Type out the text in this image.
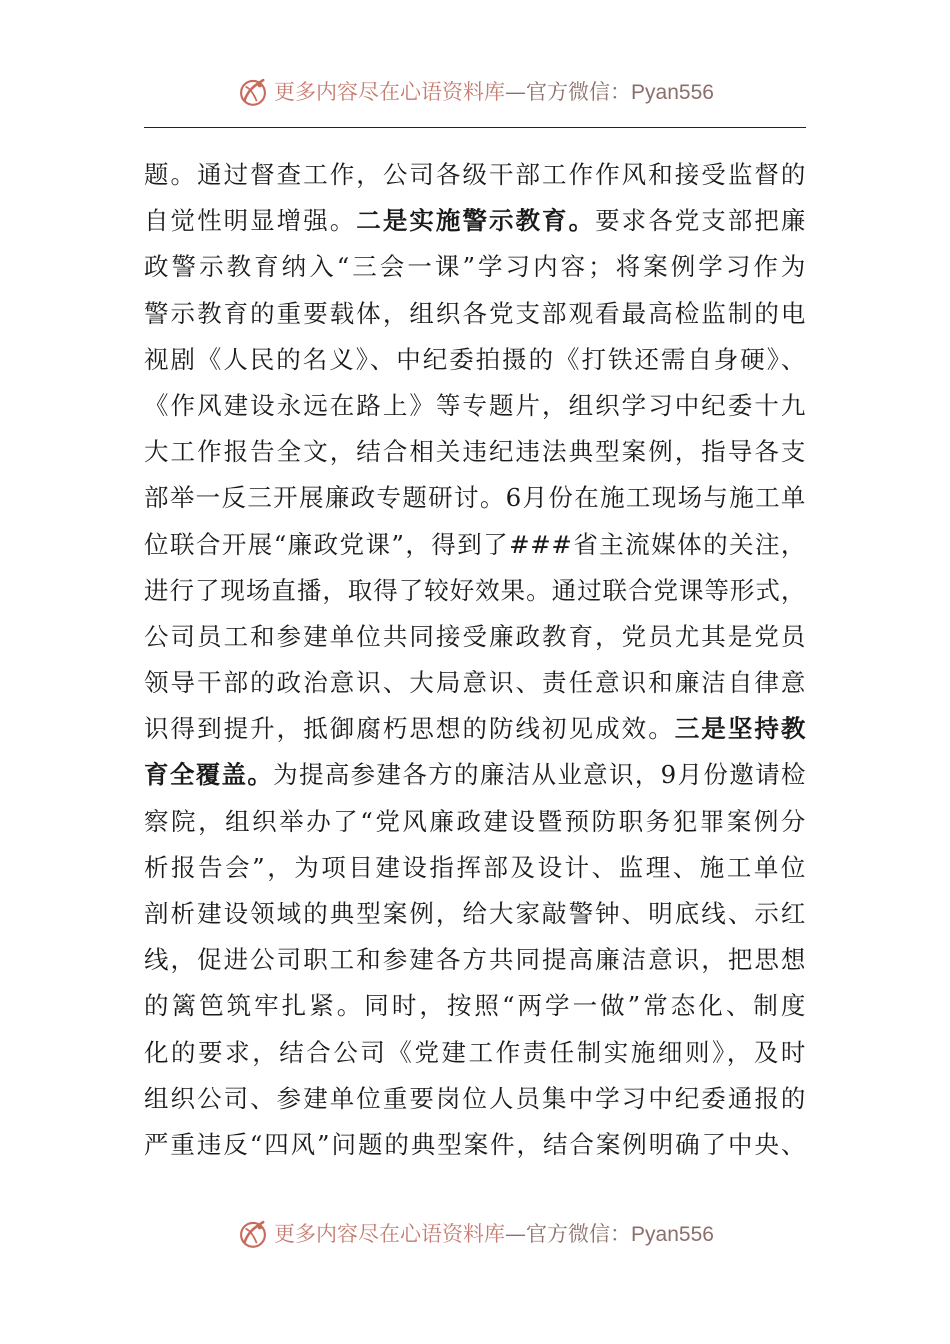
更多内容尽在心语资料库—官方微信：Pyan556
题。通过督查工作，公司各级干部工作作风和接受监督的
自觉性明显增强。二是实施警示教育。要求各党支部把廉
政警示教育纳入“三会一课”学习内容；将案例学习作为
警示教育的重要载体，组织各党支部观看最高检监制的电
视剧《人民的名义》、中纪委拍摄的《打铁还需自身硬》、
《作风建设永远在路上》等专题片，组织学习中纪委十九
大工作报告全文，结合相关违纪违法典型案例，指导各支
部举一反三开展廉政专题研讨。6月份在施工现场与施工单
位联合开展“廉政党课”，得到了###省主流媒体的关注，
进行了现场直播，取得了较好效果。通过联合党课等形式，
公司员工和参建单位共同接受廉政教育，党员尤其是党员
领导干部的政治意识、大局意识、责任意识和廉洁自律意
识得到提升，抵御腐朽思想的防线初见成效。三是坚持教
育全覆盖。为提高参建各方的廉洁从业意识，9月份邀请检
察院，组织举办了“党风廉政建设暨预防职务犯罪案例分
析报告会”，为项目建设指挥部及设计、监理、施工单位
剖析建设领域的典型案例，给大家敲警钟、明底线、示红
线，促进公司职工和参建各方共同提高廉洁意识，把思想
的篱笆筑牢扎紧。同时，按照“两学一做”常态化、制度
化的要求，结合公司《党建工作责任制实施细则》，及时
组织公司、参建单位重要岗位人员集中学习中纪委通报的
严重违反“四风”问题的典型案件，结合案例明确了中央、
更多内容尽在心语资料库—官方微信：Pyan556
